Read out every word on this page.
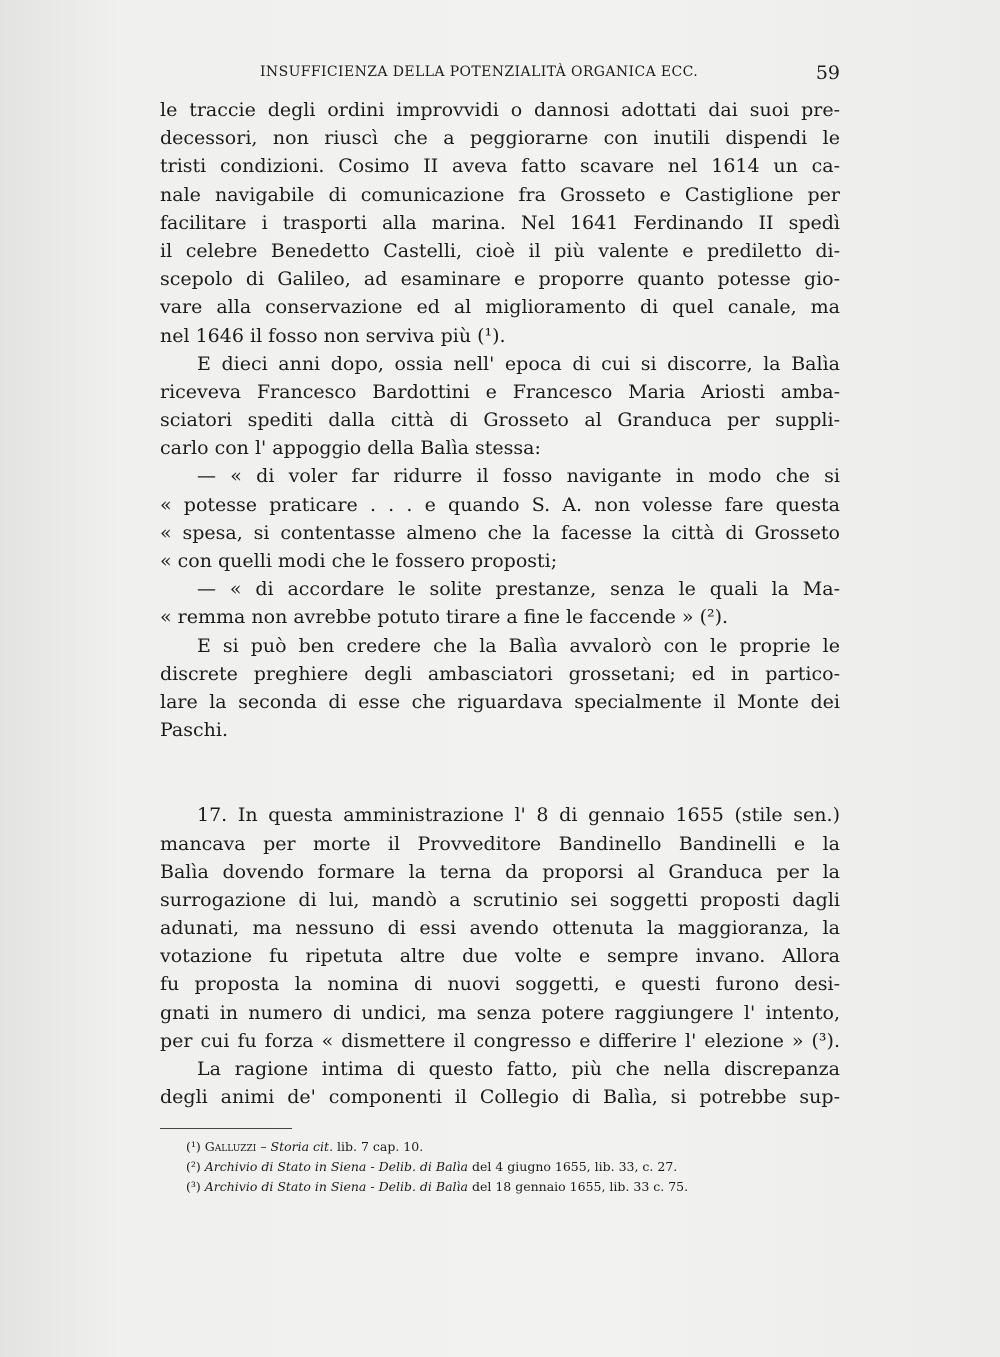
INSUFFICIENZA DELLA POTENZIALITÀ ORGANICA ECC.	59
le traccie degli ordini improvvidi o dannosi adottati dai suoi pre-
decessori, non riuscì che a peggiorarne con inutili dispendi le
tristi condizioni. Cosimo II aveva fatto scavare nel 1614 un ca-
nale navigabile di comunicazione fra Grosseto e Castiglione per
facilitare i trasporti alla marina. Nel 1641 Ferdinando II spedì
il celebre Benedetto Castelli, cioè il più valente e prediletto di-
scepolo di Galileo, ad esaminare e proporre quanto potesse gio-
vare alla conservazione ed al miglioramento di quel canale, ma
nel 1646 il fosso non serviva più (¹).
E dieci anni dopo, ossia nell' epoca di cui si discorre, la Balìa
riceveva Francesco Bardottini e Francesco Maria Ariosti amba-
sciatori spediti dalla città di Grosseto al Granduca per suppli-
carlo con l' appoggio della Balìa stessa:
— « di voler far ridurre il fosso navigante in modo che si
« potesse praticare . . . e quando S. A. non volesse fare questa
« spesa, si contentasse almeno che la facesse la città di Grosseto
« con quelli modi che le fossero proposti;
— « di accordare le solite prestanze, senza le quali la Ma-
« remma non avrebbe potuto tirare a fine le faccende » (²).
E si può ben credere che la Balìa avvalorò con le proprie le
discrete preghiere degli ambasciatori grossetani; ed in partico-
lare la seconda di esse che riguardava specialmente il Monte dei
Paschi.
17. In questa amministrazione l' 8 di gennaio 1655 (stile sen.)
mancava per morte il Provveditore Bandinello Bandinelli e la
Balìa dovendo formare la terna da proporsi al Granduca per la
surrogazione di lui, mandò a scrutinio sei soggetti proposti dagli
adunati, ma nessuno di essi avendo ottenuta la maggioranza, la
votazione fu ripetuta altre due volte e sempre invano. Allora
fu proposta la nomina di nuovi soggetti, e questi furono desi-
gnati in numero di undici, ma senza potere raggiungere l' intento,
per cui fu forza « dismettere il congresso e differire l' elezione » (³).
La ragione intima di questo fatto, più che nella discrepanza
degli animi de' componenti il Collegio di Balìa, si potrebbe sup-
(¹) Galluzzi – Storia cit. lib. 7 cap. 10.
(²) Archivio di Stato in Siena - Delib. di Balìa del 4 giugno 1655, lib. 33, c. 27.
(³) Archivio di Stato in Siena - Delib. di Balìa del 18 gennaio 1655, lib. 33 c. 75.
